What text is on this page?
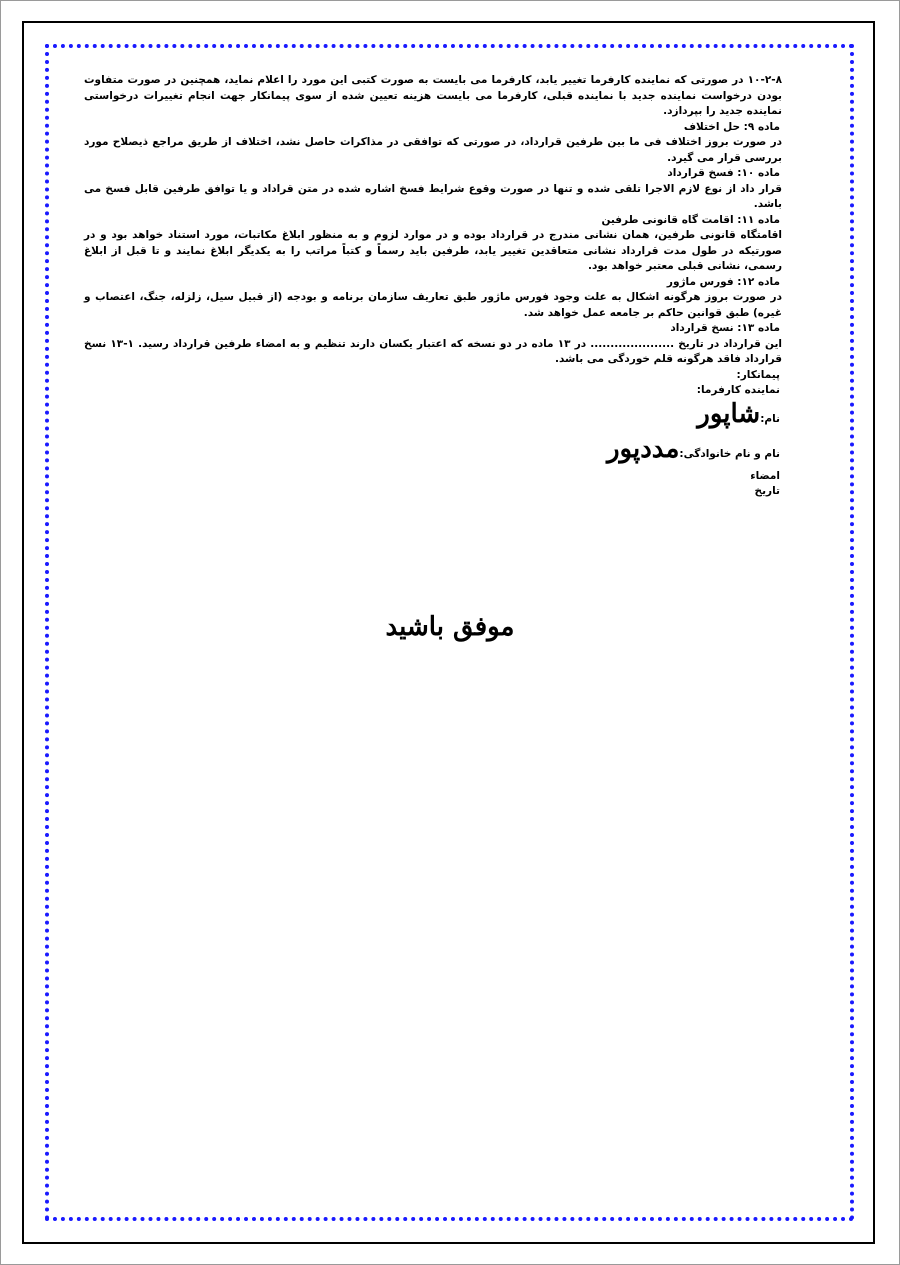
۱۰-۲-۸ در صورتی که نماینده کارفرما تغییر یابد، کارفرما می بایست به صورت کتبی این مورد را اعلام نماید، همچنین در صورت متفاوت بودن درخواست نماینده جدید با نماینده قبلی، کارفرما می بایست هزینه تعیین شده از سوی پیمانکار جهت انجام تغییرات درخواستی نماینده جدید را بپردازد.

ماده ۹: حل اختلاف

در صورت بروز اختلاف فی ما بین طرفین قرارداد، در صورتی که توافقی در مذاکرات حاصل نشد، اختلاف از طریق مراجع ذیصلاح مورد بررسی قرار می گیرد.

ماده ۱۰: فسخ قرارداد

قرار داد از نوع لازم الاجرا تلقی شده و تنها در صورت وقوع شرایط فسخ اشاره شده در متن قراداد و یا توافق طرفین قابل فسخ می باشد.

ماده ۱۱: اقامت گاه قانونی طرفین

اقامتگاه قانونی طرفین، همان نشانی مندرج در قرارداد بوده و در موارد لزوم و به منظور ابلاغ مکاتبات، مورد استناد خواهد بود و در صورتیکه در طول مدت قرارداد نشانی متعاقدین تغییر یابد، طرفین باید رسماً و کتباً مراتب را به یکدیگر ابلاغ نمایند و تا قبل از ابلاغ رسمی، نشانی قبلی معتبر خواهد بود.

ماده ۱۲: فورس ماژور

در صورت بروز هرگونه اشکال به علت وجود فورس ماژور طبق تعاریف سازمان برنامه و بودجه (از قبیل سیل، زلزله، جنگ، اعتصاب و غیره) طبق قوانین حاکم بر جامعه عمل خواهد شد.

ماده ۱۳: نسخ قرارداد

این قرارداد در تاریخ ..................... در ۱۳ ماده در دو نسخه که اعتبار یکسان دارند تنظیم و به امضاء طرفین قرارداد رسید. ۱-۱۳ نسخ قرارداد فاقد هرگونه قلم خوردگی می باشد.

پیمانکار:

نماینده کارفرما:

نام:شاپور

نام و نام خانوادگی:مددپور

امضاء

تاریخ

موفق باشید
